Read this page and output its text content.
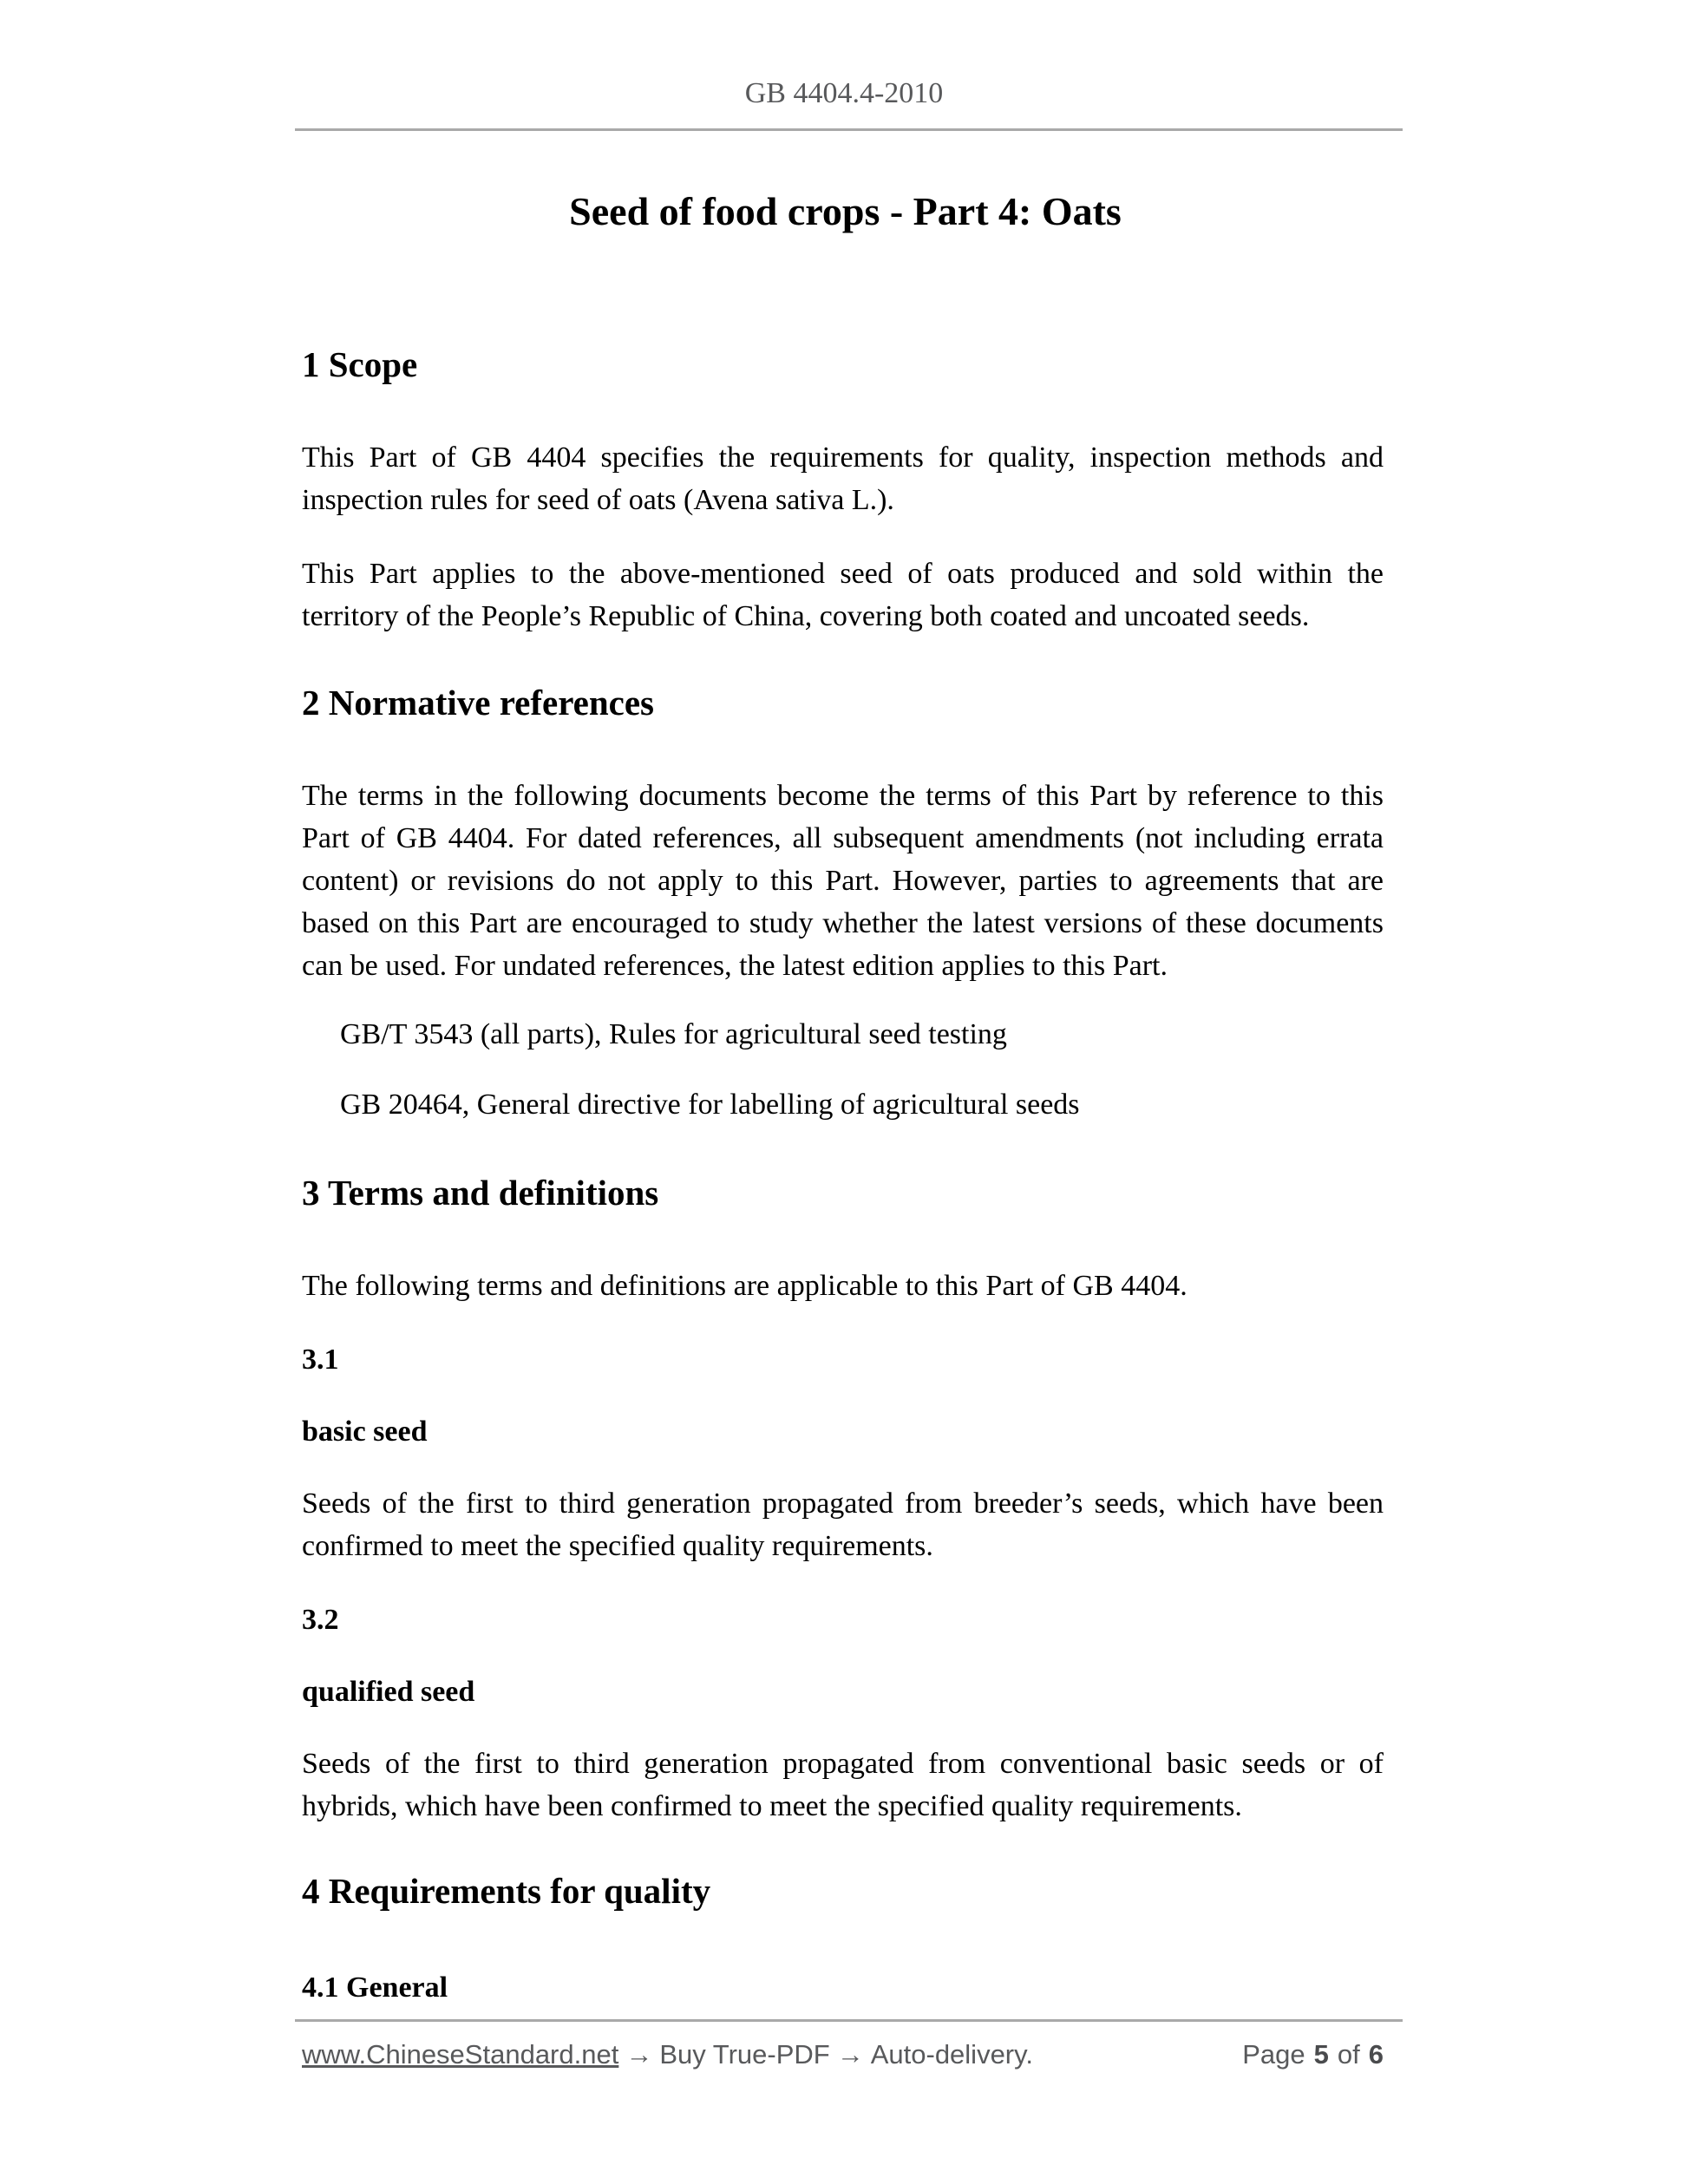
GB 4404.4-2010
Seed of food crops - Part 4: Oats
1 Scope

This Part of GB 4404 specifies the requirements for quality, inspection methods and inspection rules for seed of oats (Avena sativa L.).

This Part applies to the above-mentioned seed of oats produced and sold within the territory of the People’s Republic of China, covering both coated and uncoated seeds.

2 Normative references

The terms in the following documents become the terms of this Part by reference to this Part of GB 4404. For dated references, all subsequent amendments (not including errata content) or revisions do not apply to this Part. However, parties to agreements that are based on this Part are encouraged to study whether the latest versions of these documents can be used. For undated references, the latest edition applies to this Part.

GB/T 3543 (all parts), Rules for agricultural seed testing

GB 20464, General directive for labelling of agricultural seeds

3 Terms and definitions

The following terms and definitions are applicable to this Part of GB 4404.

3.1

basic seed

Seeds of the first to third generation propagated from breeder’s seeds, which have been confirmed to meet the specified quality requirements.

3.2

qualified seed

Seeds of the first to third generation propagated from conventional basic seeds or of hybrids, which have been confirmed to meet the specified quality requirements.

4 Requirements for quality

4.1 General

www.ChineseStandard.net → Buy True-PDF → Auto-delivery.	Page 5 of 6
